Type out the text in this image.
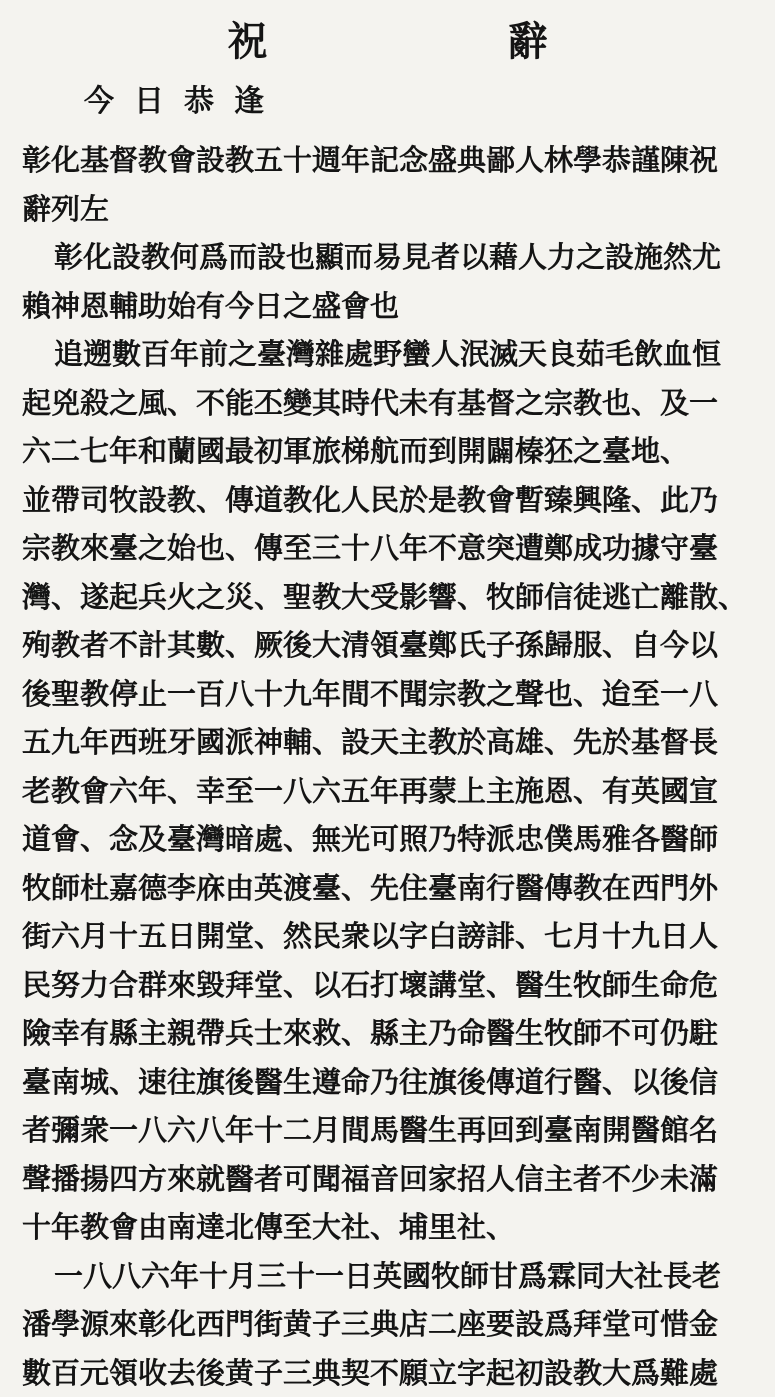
祝　辭
今日恭逢
彰化基督教會設教五十週年記念盛典鄙人林學恭謹陳祝
辭列左
彰化設教何爲而設也顯而易見者以藉人力之設施然尤
賴神恩輔助始有今日之盛會也
追遡數百年前之臺灣雜處野蠻人泯滅天良茹毛飲血恒
起兇殺之風、不能丕變其時代未有基督之宗教也、及一
六二七年和蘭國最初軍旅梯航而到開闢榛狉之臺地、
並帶司牧設教、傳道教化人民於是教會暫臻興隆、此乃
宗教來臺之始也、傳至三十八年不意突遭鄭成功據守臺
灣、遂起兵火之災、聖教大受影響、牧師信徒逃亡離散、
殉教者不計其數、厥後大清領臺鄭氏子孫歸服、自今以
後聖教停止一百八十九年間不聞宗教之聲也、迨至一八
五九年西班牙國派神輔、設天主教於高雄、先於基督長
老教會六年、幸至一八六五年再蒙上主施恩、有英國宣
道會、念及臺灣暗處、無光可照乃特派忠僕馬雅各醫師
牧師杜嘉德李庥由英渡臺、先住臺南行醫傳教在西門外
街六月十五日開堂、然民衆以字白謗誹、七月十九日人
民努力合群來毀拜堂、以石打壞講堂、醫生牧師生命危
險幸有縣主親帶兵士來救、縣主乃命醫生牧師不可仍駐
臺南城、速往旗後醫生遵命乃往旗後傳道行醫、以後信
者彌衆一八六八年十二月間馬醫生再回到臺南開醫館名
聲播揚四方來就醫者可聞福音回家招人信主者不少未滿
十年教會由南達北傳至大社、埔里社、
一八八六年十月三十一日英國牧師甘爲霖同大社長老
潘學源來彰化西門街黄子三典店二座要設爲拜堂可惜金
數百元領收去後黄子三典契不願立字起初設教大爲難處
